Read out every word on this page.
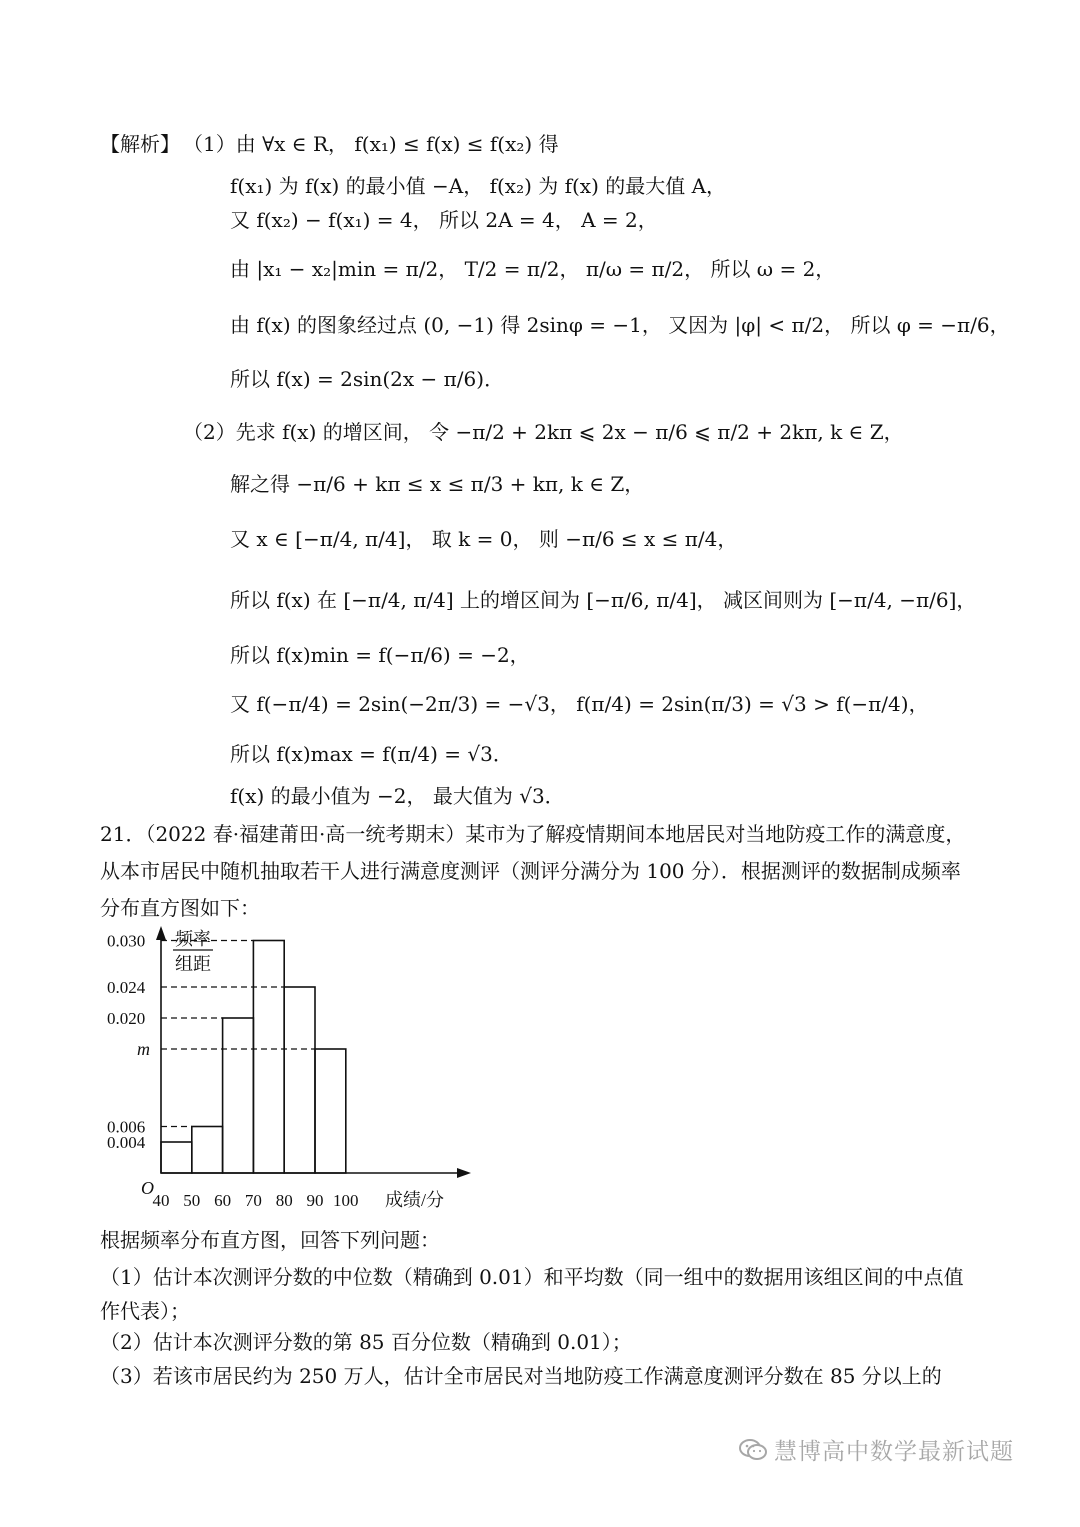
【解析】 （1）由 ∀x ∈ R， f(x₁) ≤ f(x) ≤ f(x₂) 得
f(x₁) 为 f(x) 的最小值 −A， f(x₂) 为 f(x) 的最大值 A，
又 f(x₂) − f(x₁) = 4， 所以 2A = 4， A = 2，
由 |x₁ − x₂|min = π/2， T/2 = π/2， π/ω = π/2， 所以 ω = 2，
由 f(x) 的图象经过点 (0, −1) 得 2sinφ = −1， 又因为 |φ| < π/2， 所以 φ = −π/6，
所以 f(x) = 2sin(2x − π/6)．
（2）先求 f(x) 的增区间， 令 −π/2 + 2kπ ⩽ 2x − π/6 ⩽ π/2 + 2kπ, k ∈ Z，
解之得 −π/6 + kπ ≤ x ≤ π/3 + kπ, k ∈ Z，
又 x ∈ [−π/4, π/4]， 取 k = 0， 则 −π/6 ≤ x ≤ π/4，
所以 f(x) 在 [−π/4, π/4] 上的增区间为 [−π/6, π/4]， 减区间则为 [−π/4, −π/6]，
所以 f(x)min = f(−π/6) = −2，
又 f(−π/4) = 2sin(−2π/3) = −√3， f(π/4) = 2sin(π/3) = √3 > f(−π/4)，
所以 f(x)max = f(π/4) = √3．
f(x) 的最小值为 −2， 最大值为 √3．
21．（2022 春·福建莆田·高一统考期末）某市为了解疫情期间本地居民对当地防疫工作的满意度，从本市居民中随机抽取若干人进行满意度测评（测评分满分为 100 分）．根据测评的数据制成频率分布直方图如下：
频率
组距
O
0.004
0.006
m
0.020
0.024
0.030
40 50 60 70 80 90 100 成绩/分
根据频率分布直方图，回答下列问题：
（1）估计本次测评分数的中位数（精确到 0.01）和平均数（同一组中的数据用该组区间的中点值作代表）；
（2）估计本次测评分数的第 85 百分位数（精确到 0.01）；
（3）若该市居民约为 250 万人，估计全市居民对当地防疫工作满意度测评分数在 85 分以上的
慧博高中数学最新试题
